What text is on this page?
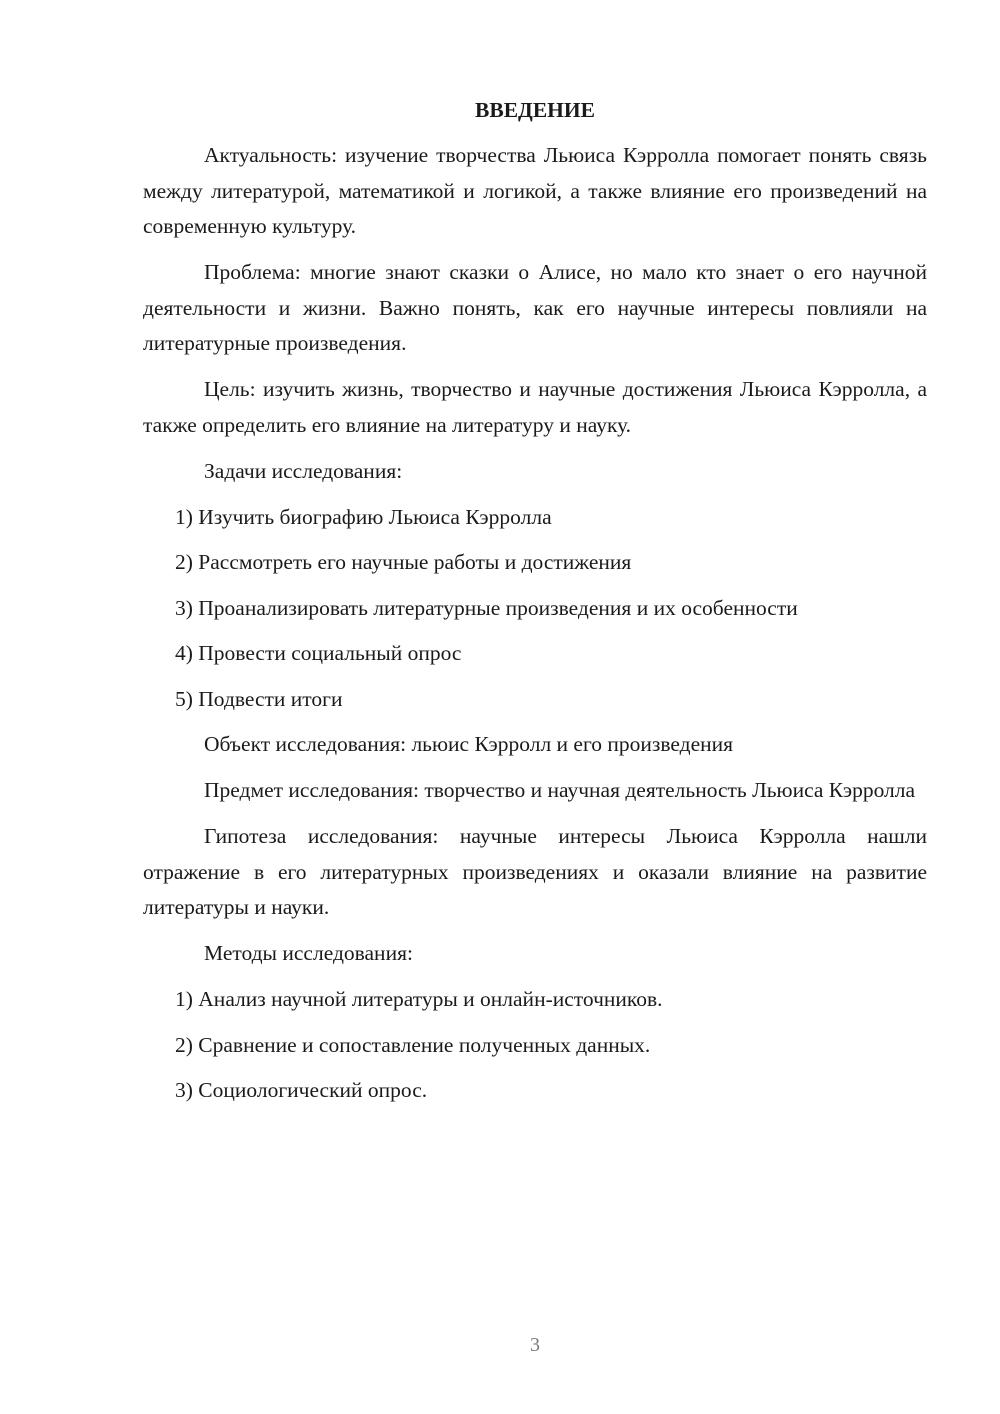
ВВЕДЕНИЕ

Актуальность: изучение творчества Льюиса Кэрролла помогает понять связь между литературой, математикой и логикой, а также влияние его произведений на современную культуру.

Проблема: многие знают сказки о Алисе, но мало кто знает о его научной деятельности и жизни. Важно понять, как его научные интересы повлияли на литературные произведения.

Цель: изучить жизнь, творчество и научные достижения Льюиса Кэрролла, а также определить его влияние на литературу и науку.

Задачи исследования:

1) Изучить биографию Льюиса Кэрролла
2) Рассмотреть его научные работы и достижения
3) Проанализировать литературные произведения и их особенности
4) Провести социальный опрос
5) Подвести итоги

Объект исследования: льюис Кэрролл и его произведения

Предмет исследования: творчество и научная деятельность Льюиса Кэрролла

Гипотеза исследования: научные интересы Льюиса Кэрролла нашли отражение в его литературных произведениях и оказали влияние на развитие литературы и науки.

Методы исследования:

1) Анализ научной литературы и онлайн-источников.
2) Сравнение и сопоставление полученных данных.
3) Социологический опрос.
3
